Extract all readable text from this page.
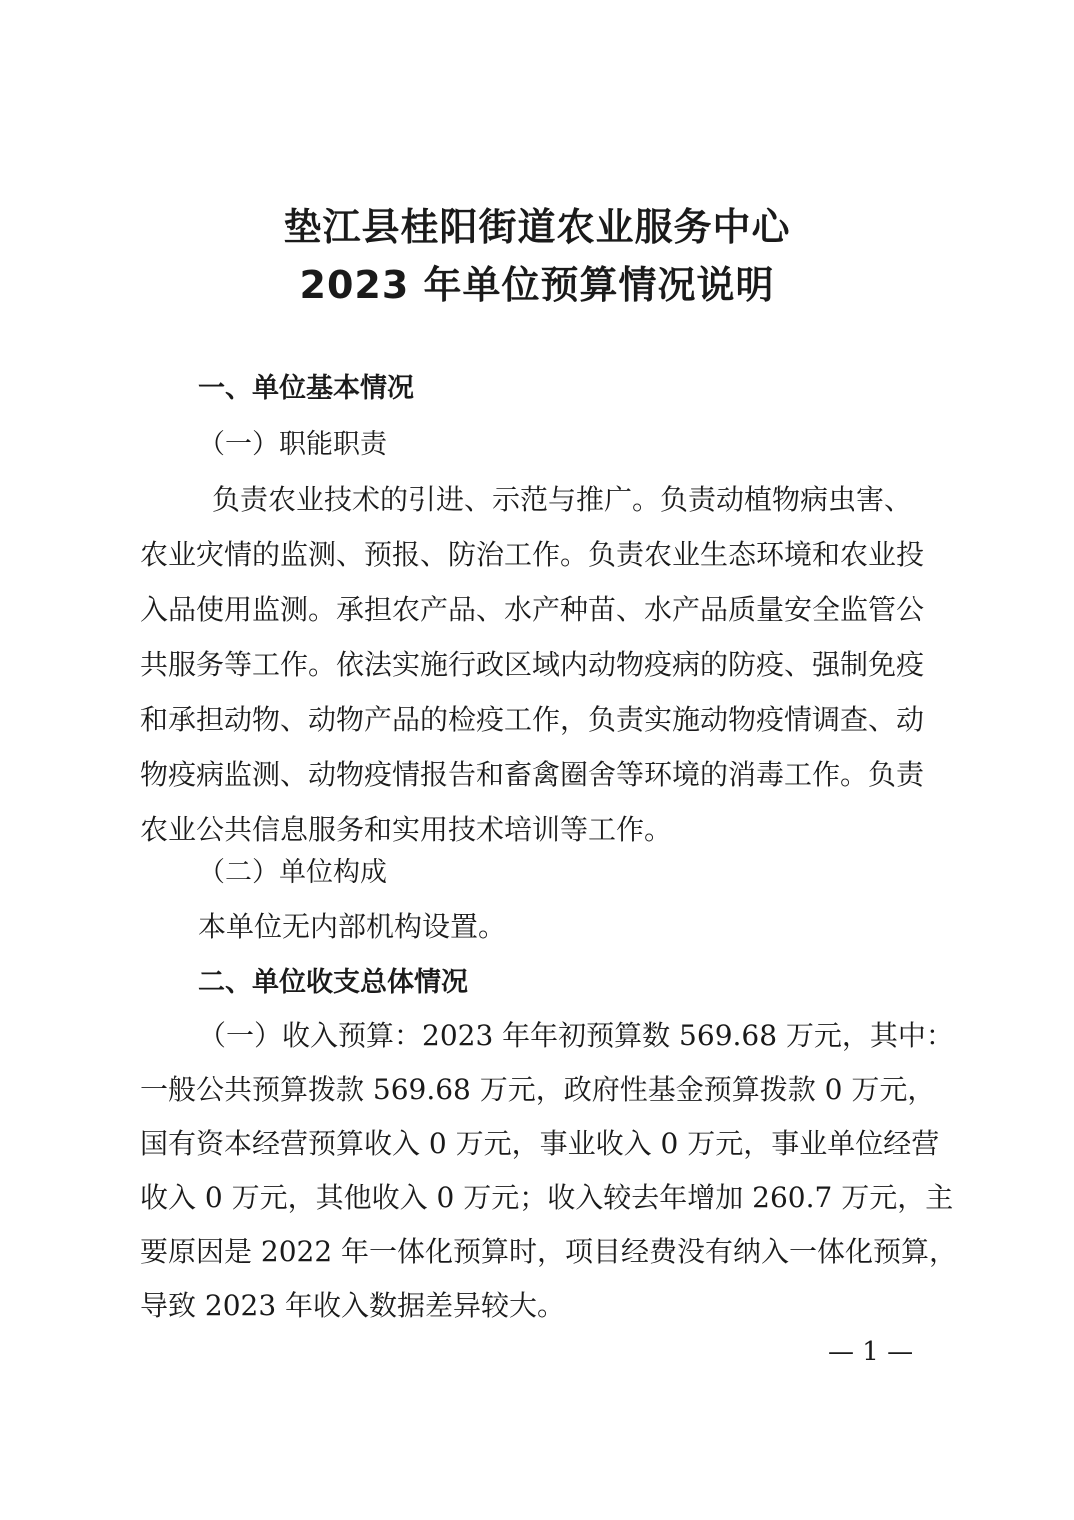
垫江县桂阳街道农业服务中心
2023 年单位预算情况说明
一、单位基本情况
（一）职能职责
负责农业技术的引进、示范与推广。负责动植物病虫害、
农业灾情的监测、预报、防治工作。负责农业生态环境和农业投
入品使用监测。承担农产品、水产种苗、水产品质量安全监管公
共服务等工作。依法实施行政区域内动物疫病的防疫、强制免疫
和承担动物、动物产品的检疫工作，负责实施动物疫情调查、动
物疫病监测、动物疫情报告和畜禽圈舍等环境的消毒工作。负责
农业公共信息服务和实用技术培训等工作。
（二）单位构成
本单位无内部机构设置。
二、单位收支总体情况
（一）收入预算：2023 年年初预算数 569.68 万元，其中：
一般公共预算拨款 569.68 万元，政府性基金预算拨款 0 万元，
国有资本经营预算收入 0 万元，事业收入 0 万元，事业单位经营
收入 0 万元，其他收入 0 万元；收入较去年增加 260.7 万元，主
要原因是 2022 年一体化预算时，项目经费没有纳入一体化预算，
导致 2023 年收入数据差异较大。
— 1 —
